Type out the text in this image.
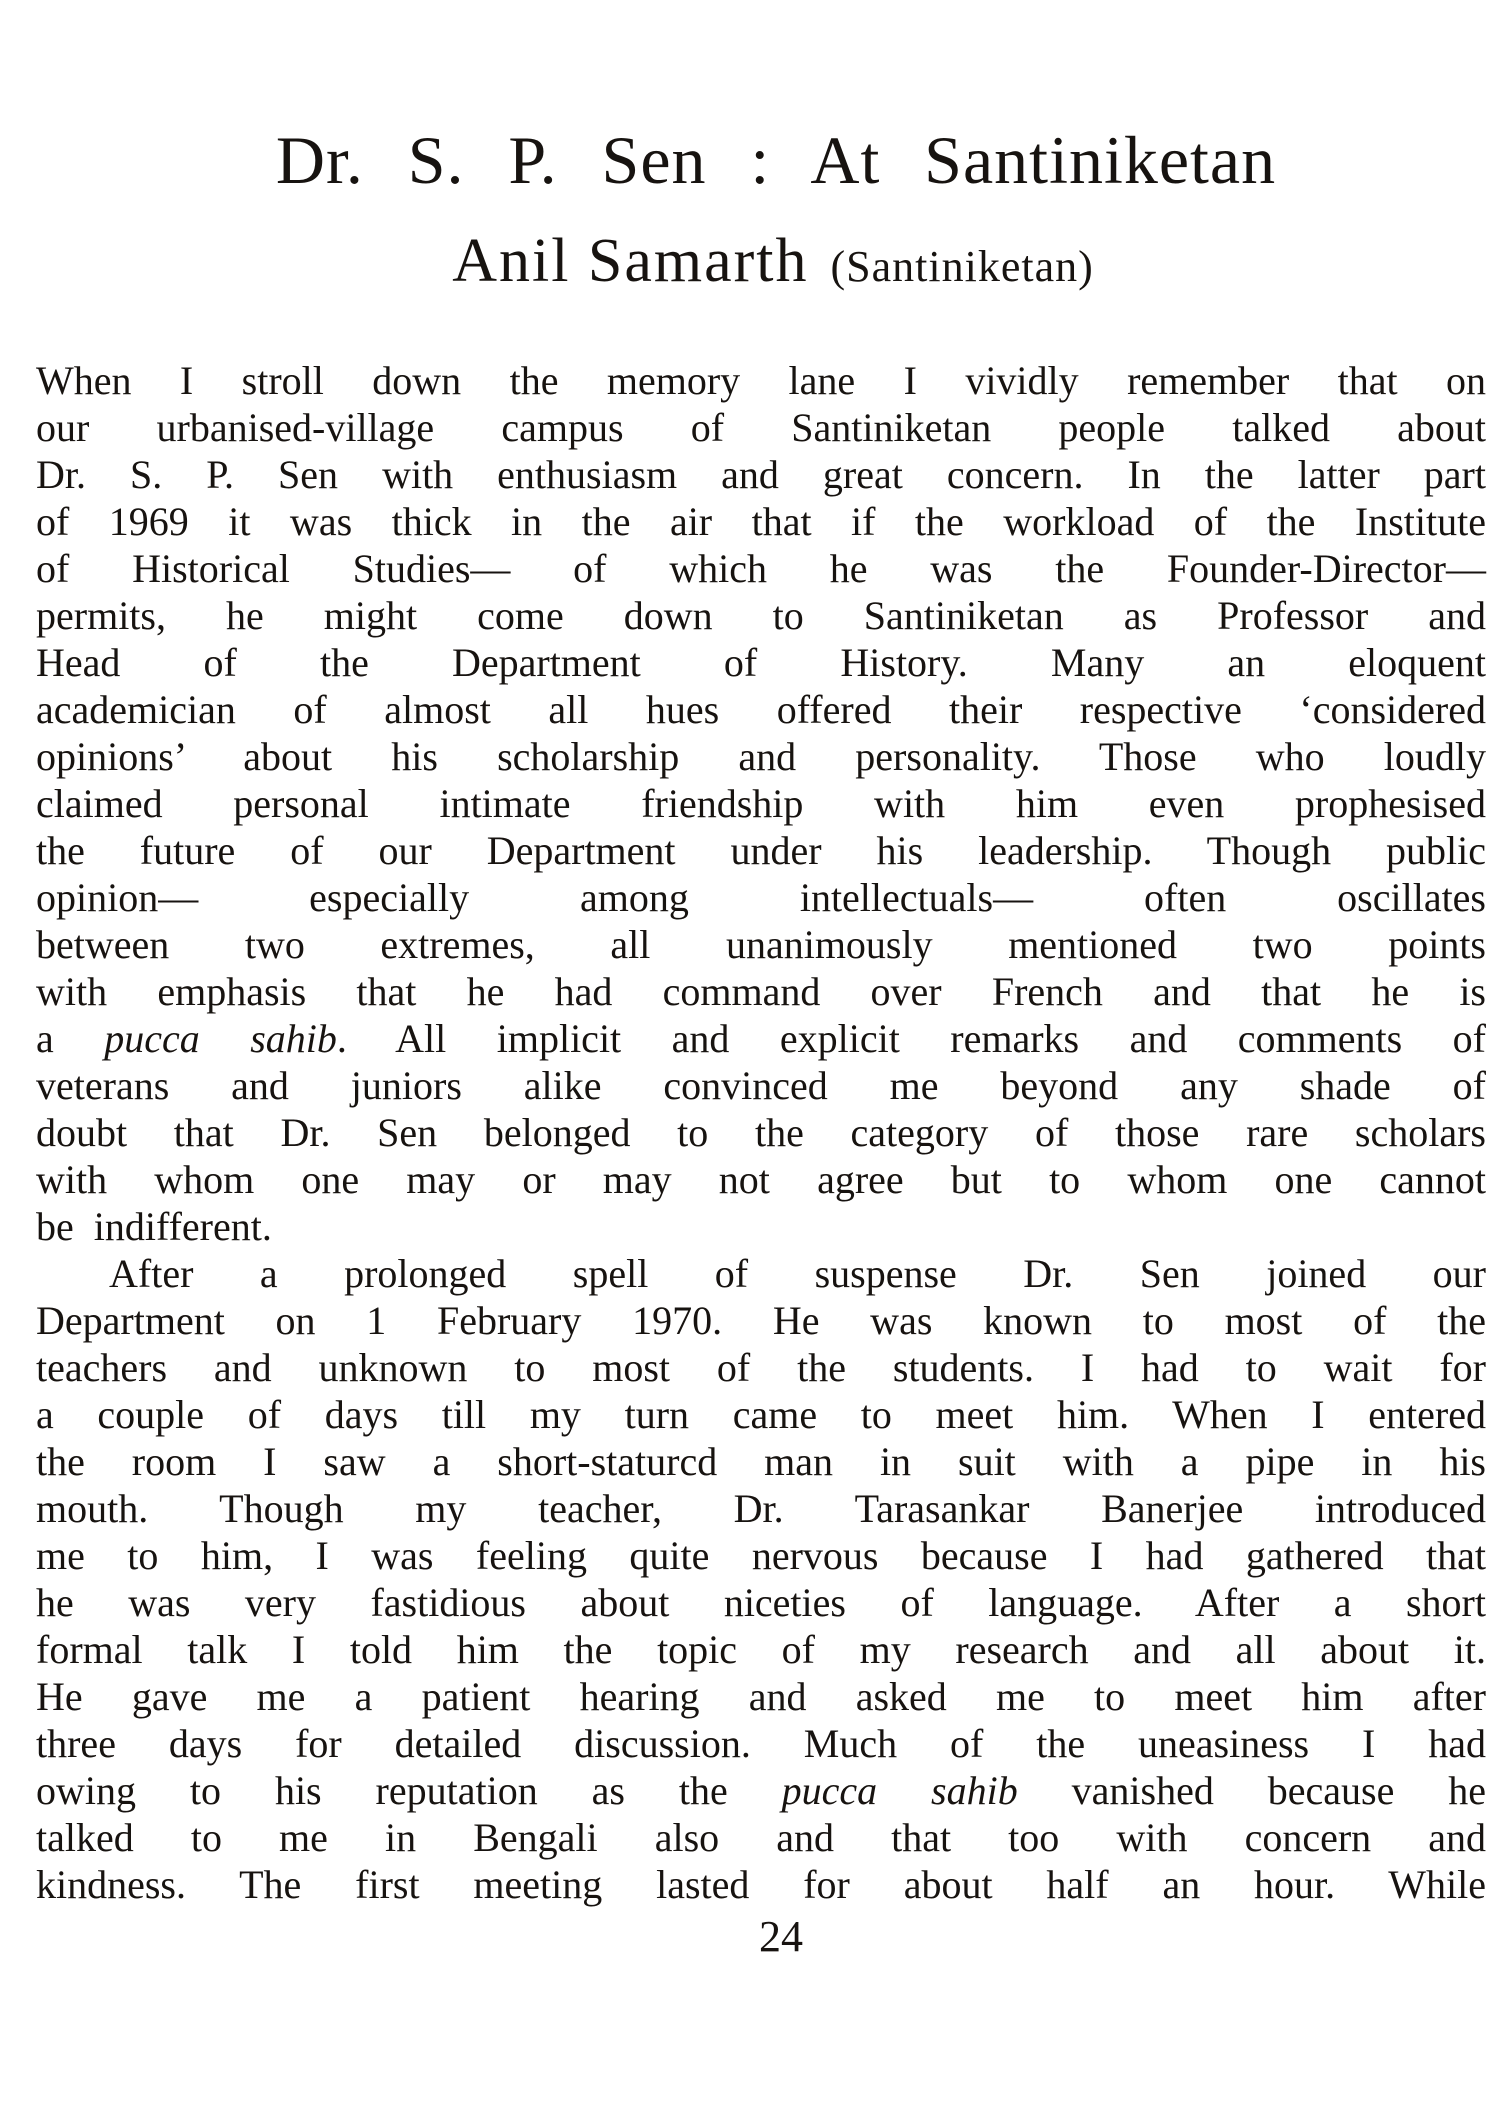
Dr. S. P. Sen : At Santiniketan
Anil Samarth (Santiniketan)
When I stroll down the memory lane I vividly remember that on
our urbanised-village campus of Santiniketan people talked about
Dr. S. P. Sen with enthusiasm and great concern. In the latter part
of 1969 it was thick in the air that if the workload of the Institute
of Historical Studies— of which he was the Founder-Director—
permits, he might come down to Santiniketan as Professor and
Head of the Department of History. Many an eloquent
academician of almost all hues offered their respective ‘considered
opinions’ about his scholarship and personality. Those who loudly
claimed personal intimate friendship with him even prophesised
the future of our Department under his leadership. Though public
opinion— especially among intellectuals— often oscillates
between two extremes, all unanimously mentioned two points
with emphasis that he had command over French and that he is
a pucca sahib. All implicit and explicit remarks and comments of
veterans and juniors alike convinced me beyond any shade of
doubt that Dr. Sen belonged to the category of those rare scholars
with whom one may or may not agree but to whom one cannot
be indifferent.
After a prolonged spell of suspense Dr. Sen joined our
Department on 1 February 1970. He was known to most of the
teachers and unknown to most of the students. I had to wait for
a couple of days till my turn came to meet him. When I entered
the room I saw a short-staturcd man in suit with a pipe in his
mouth. Though my teacher, Dr. Tarasankar Banerjee introduced
me to him, I was feeling quite nervous because I had gathered that
he was very fastidious about niceties of language. After a short
formal talk I told him the topic of my research and all about it.
He gave me a patient hearing and asked me to meet him after
three days for detailed discussion. Much of the uneasiness I had
owing to his reputation as the pucca sahib vanished because he
talked to me in Bengali also and that too with concern and
kindness. The first meeting lasted for about half an hour. While
24
